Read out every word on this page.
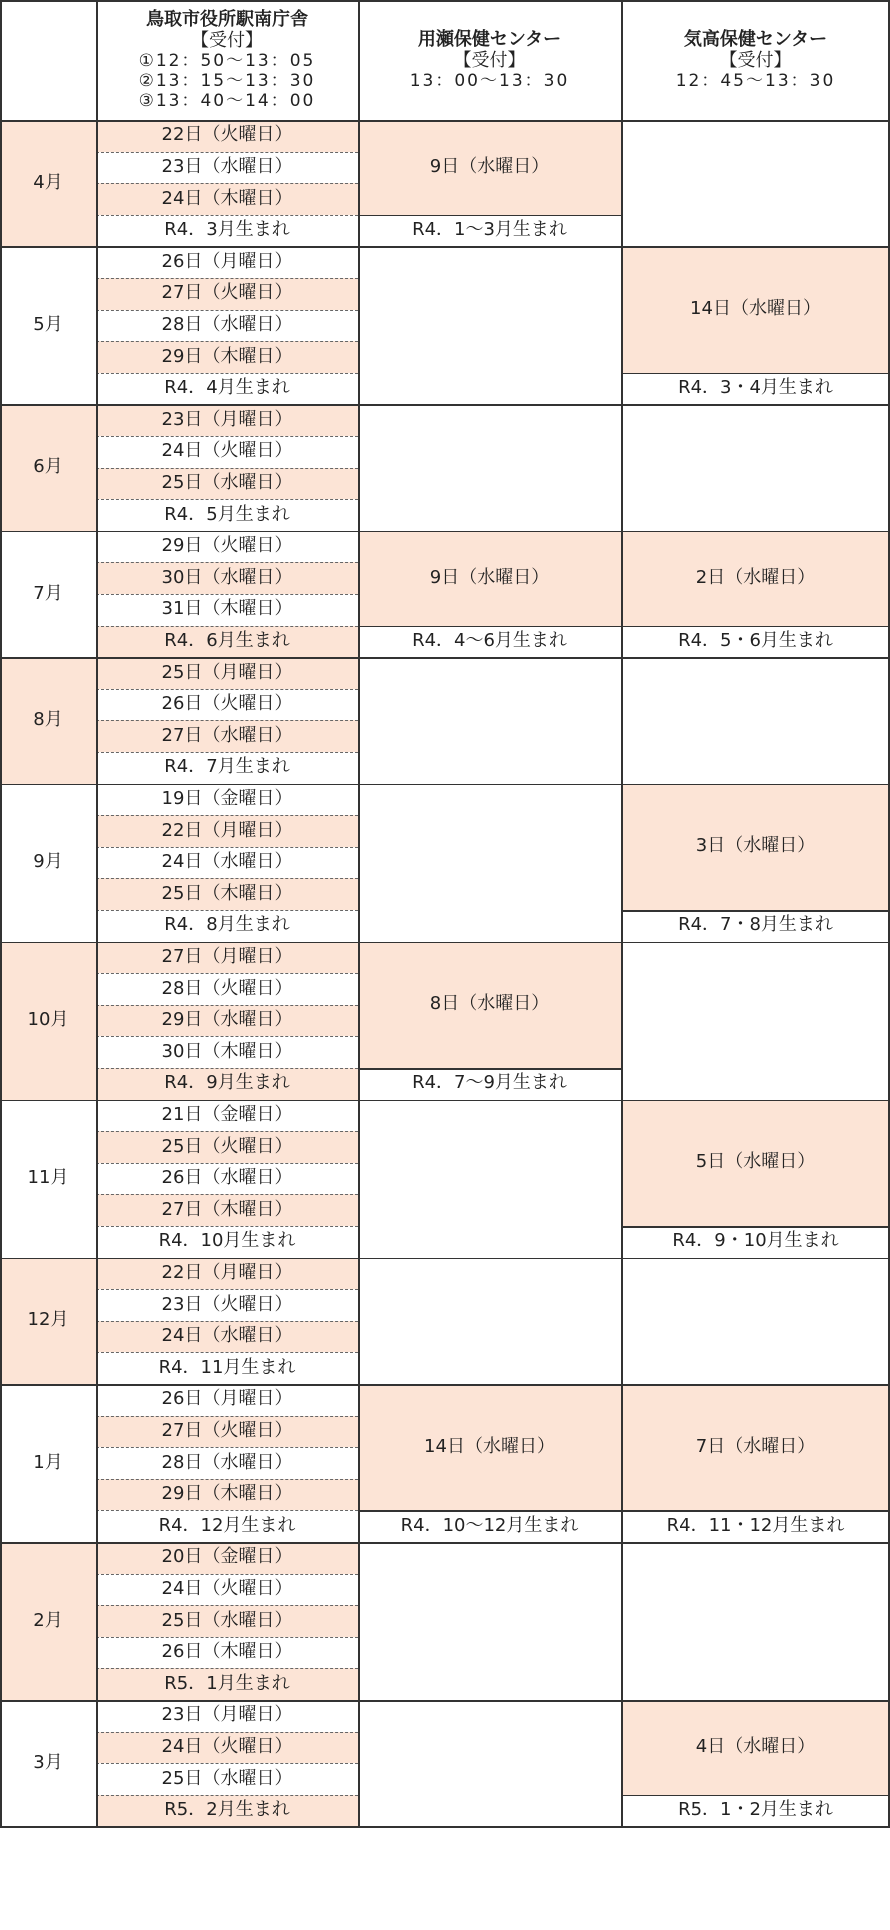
鳥取市役所駅南庁舎
【受付】
①12：50～13：05
②13：15～13：30
③13：40～14：00
用瀬保健センター
【受付】
13：00～13：30
気高保健センター
【受付】
12：45～13：30
4月
22日（火曜日）
23日（水曜日）
24日（木曜日）
R4．3月生まれ
9日（水曜日）
R4．1～3月生まれ
5月
26日（月曜日）
27日（火曜日）
28日（水曜日）
29日（木曜日）
R4．4月生まれ
14日（水曜日）
R4．3・4月生まれ
6月
23日（月曜日）
24日（火曜日）
25日（水曜日）
R4．5月生まれ
7月
29日（火曜日）
30日（水曜日）
31日（木曜日）
R4．6月生まれ
9日（水曜日）
R4．4～6月生まれ
2日（水曜日）
R4．5・6月生まれ
8月
25日（月曜日）
26日（火曜日）
27日（水曜日）
R4．7月生まれ
9月
19日（金曜日）
22日（月曜日）
24日（水曜日）
25日（木曜日）
R4．8月生まれ
3日（水曜日）
R4．7・8月生まれ
10月
27日（月曜日）
28日（火曜日）
29日（水曜日）
30日（木曜日）
R4．9月生まれ
8日（水曜日）
R4．7～9月生まれ
11月
21日（金曜日）
25日（火曜日）
26日（水曜日）
27日（木曜日）
R4．10月生まれ
5日（水曜日）
R4．9・10月生まれ
12月
22日（月曜日）
23日（火曜日）
24日（水曜日）
R4．11月生まれ
1月
26日（月曜日）
27日（火曜日）
28日（水曜日）
29日（木曜日）
R4．12月生まれ
14日（水曜日）
R4．10～12月生まれ
7日（水曜日）
R4．11・12月生まれ
2月
20日（金曜日）
24日（火曜日）
25日（水曜日）
26日（木曜日）
R5．1月生まれ
3月
23日（月曜日）
24日（火曜日）
25日（水曜日）
R5．2月生まれ
4日（水曜日）
R5．1・2月生まれ
